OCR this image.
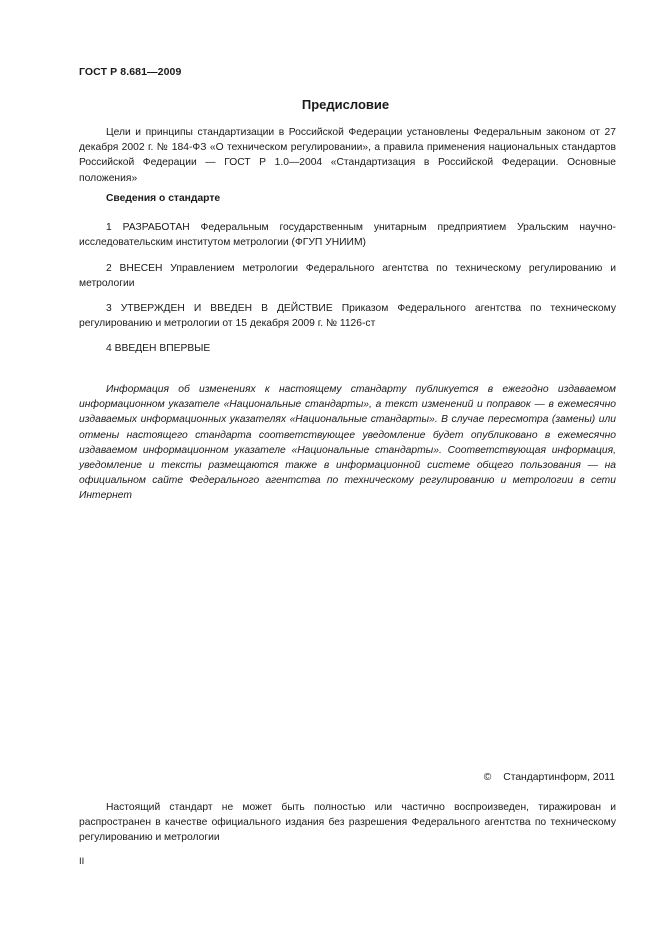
ГОСТ Р 8.681—2009
Предисловие

Цели и принципы стандартизации в Российской Федерации установлены Федеральным законом от 27 декабря 2002 г. № 184-ФЗ «О техническом регулировании», а правила применения национальных стандартов Российской Федерации — ГОСТ Р 1.0—2004 «Стандартизация в Российской Федерации. Основные положения»

Сведения о стандарте

1 РАЗРАБОТАН Федеральным государственным унитарным предприятием Уральским научно-исследовательским институтом метрологии (ФГУП УНИИМ)

2 ВНЕСЕН Управлением метрологии Федерального агентства по техническому регулированию и метрологии

3 УТВЕРЖДЕН И ВВЕДЕН В ДЕЙСТВИЕ Приказом Федерального агентства по техническому регулированию и метрологии от 15 декабря 2009 г. № 1126-ст

4 ВВЕДЕН ВПЕРВЫЕ

Информация об изменениях к настоящему стандарту публикуется в ежегодно издаваемом информационном указателе «Национальные стандарты», а текст изменений и поправок — в ежемесячно издаваемых информационных указателях «Национальные стандарты». В случае пересмотра (замены) или отмены настоящего стандарта соответствующее уведомление будет опубликовано в ежемесячно издаваемом информационном указателе «Национальные стандарты». Соответствующая информация, уведомление и тексты размещаются также в информационной системе общего пользования — на официальном сайте Федерального агентства по техническому регулированию и метрологии в сети Интернет

© Стандартинформ, 2011

Настоящий стандарт не может быть полностью или частично воспроизведен, тиражирован и распространен в качестве официального издания без разрешения Федерального агентства по техническому регулированию и метрологии

II
